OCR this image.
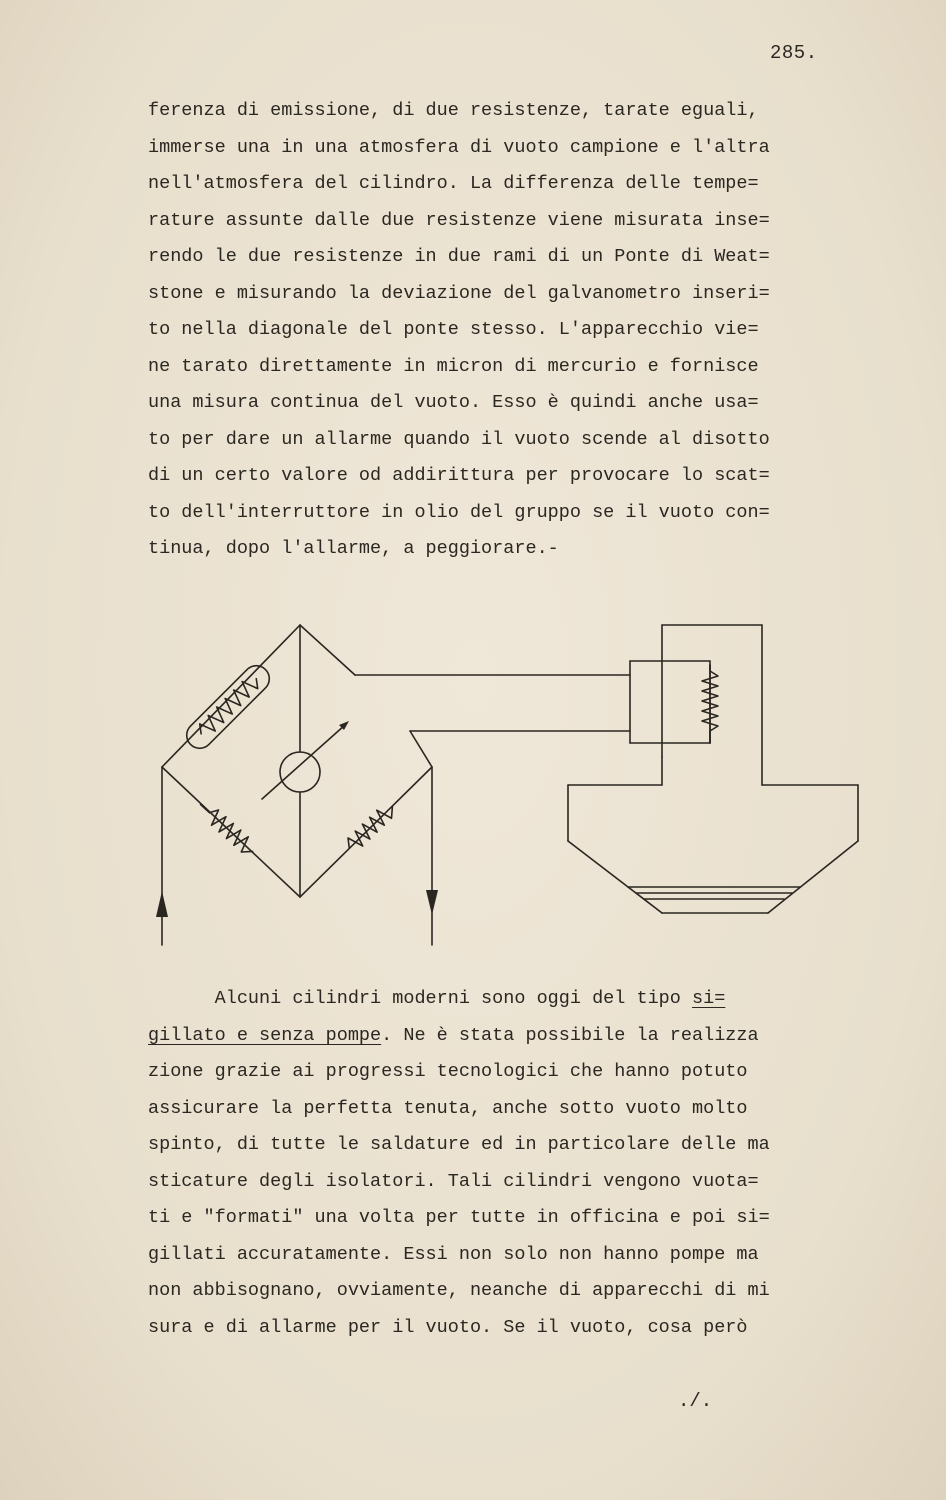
285.
ferenza di emissione, di due resistenze, tarate eguali,
immerse una in una atmosfera di vuoto campione e l'altra
nell'atmosfera del cilindro. La differenza delle tempe=
rature assunte dalle due resistenze viene misurata inse=
rendo le due resistenze in due rami di un Ponte di Weat=
stone e misurando la deviazione del galvanometro inseri=
to nella diagonale del ponte stesso. L'apparecchio vie=
ne tarato direttamente in micron di mercurio e fornisce
una misura continua del vuoto. Esso è quindi anche usa=
to per dare un allarme quando il vuoto scende al disotto
di un certo valore od addirittura per provocare lo scat=
to dell'interruttore in olio del gruppo se il vuoto con=
tinua, dopo l'allarme, a peggiorare.-
Alcuni cilindri moderni sono oggi del tipo si=
gillato e senza pompe. Ne è stata possibile la realizza
zione grazie ai progressi tecnologici che hanno potuto
assicurare la perfetta tenuta, anche sotto vuoto molto
spinto, di tutte le saldature ed in particolare delle ma
sticature degli isolatori. Tali cilindri vengono vuota=
ti e "formati" una volta per tutte in officina e poi si=
gillati accuratamente. Essi non solo non hanno pompe ma
non abbisognano, ovviamente, neanche di apparecchi di mi
sura e di allarme per il vuoto. Se il vuoto, cosa però
./.
